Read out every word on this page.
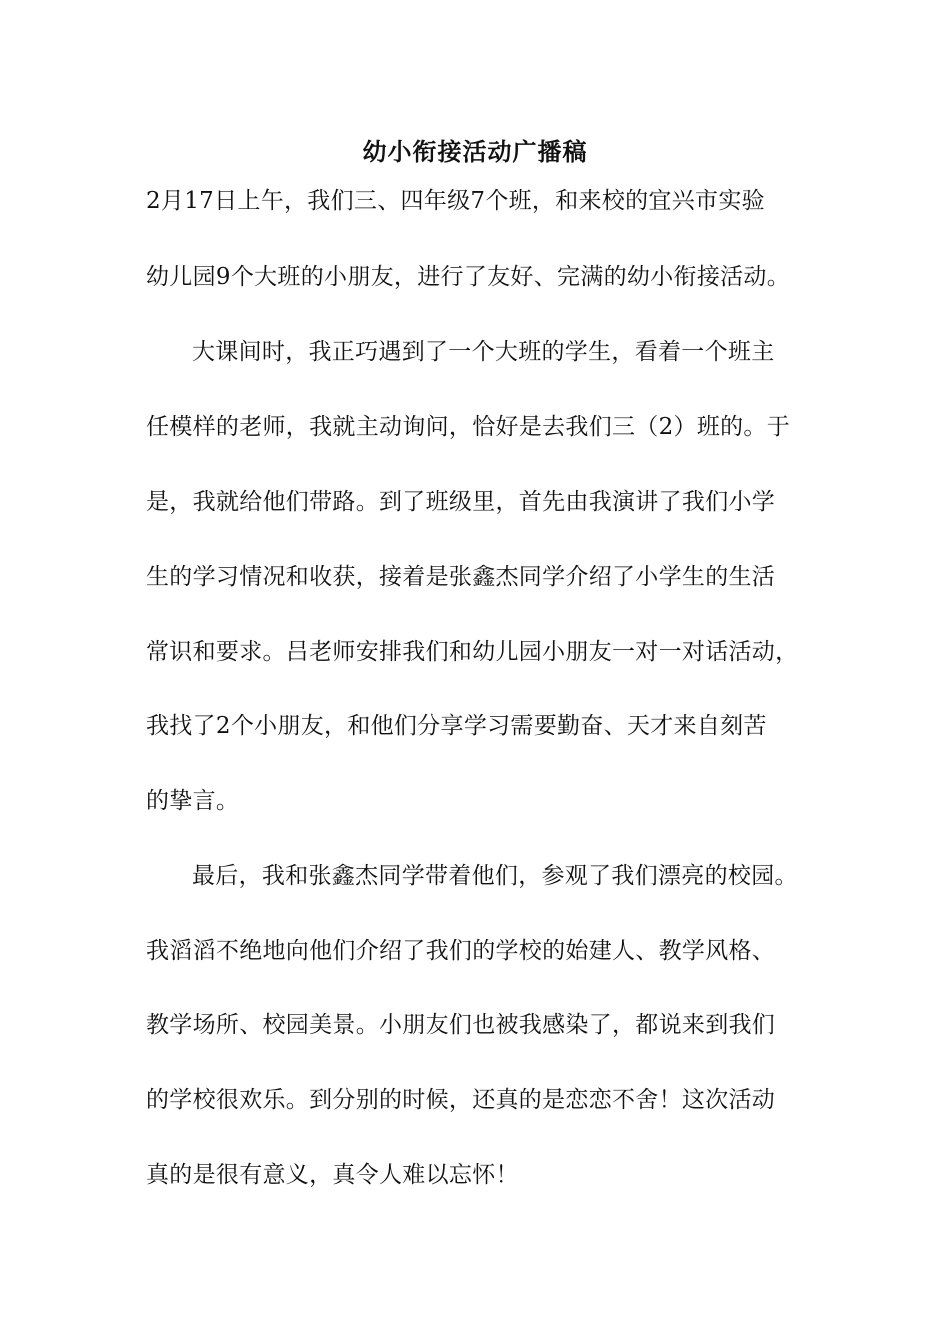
幼小衔接活动广播稿
2月17日上午，我们三、四年级7个班，和来校的宜兴市实验
幼儿园9个大班的小朋友，进行了友好、完满的幼小衔接活动。
大课间时，我正巧遇到了一个大班的学生，看着一个班主
任模样的老师，我就主动询问，恰好是去我们三（2）班的。于
是，我就给他们带路。到了班级里，首先由我演讲了我们小学
生的学习情况和收获，接着是张鑫杰同学介绍了小学生的生活
常识和要求。吕老师安排我们和幼儿园小朋友一对一对话活动，
我找了2个小朋友，和他们分享学习需要勤奋、天才来自刻苦
的挚言。
最后，我和张鑫杰同学带着他们，参观了我们漂亮的校园。
我滔滔不绝地向他们介绍了我们的学校的始建人、教学风格、
教学场所、校园美景。小朋友们也被我感染了，都说来到我们
的学校很欢乐。到分别的时候，还真的是恋恋不舍！这次活动
真的是很有意义，真令人难以忘怀！
